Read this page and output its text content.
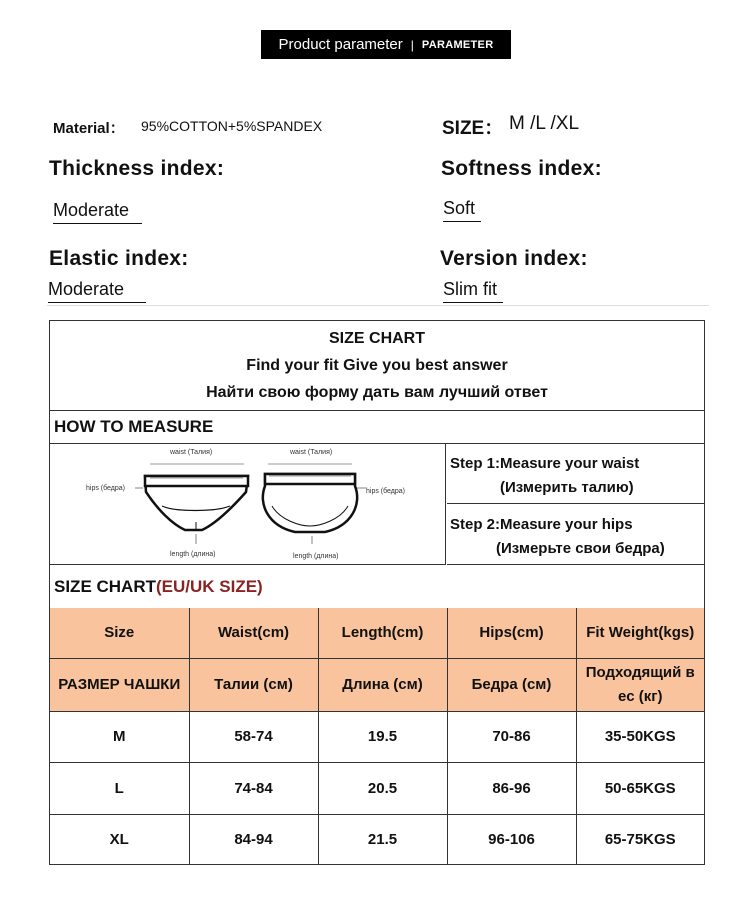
Product parameter | PARAMETER
Material： 95%COTTON+5%SPANDEX	SIZE： M /L /XL
Thickness index:	Softness index:
Moderate	Soft
Elastic index:	Version index:
Moderate	Slim fit
SIZE CHART
Find your fit Give you best answer
Найти свою форму дать вам лучший ответ
HOW TO MEASURE
waist (Талия)
hips (бедра)
length (длина)
waist (Талия)
hips (бедра)
length (длина)
Step 1:Measure your waist
(Измерить талию)
Step 2:Measure your hips
(Измерьте свои бедра)
SIZE CHART (EU/UK SIZE)
Size	Waist(cm)	Length(cm)	Hips(cm)	Fit Weight(kgs)
РАЗМЕР ЧАШКИ	Талии (см)	Длина (см)	Бедра (см)	Подходящий в ес (кг)
M	58-74	19.5	70-86	35-50KGS
L	74-84	20.5	86-96	50-65KGS
XL	84-94	21.5	96-106	65-75KGS
